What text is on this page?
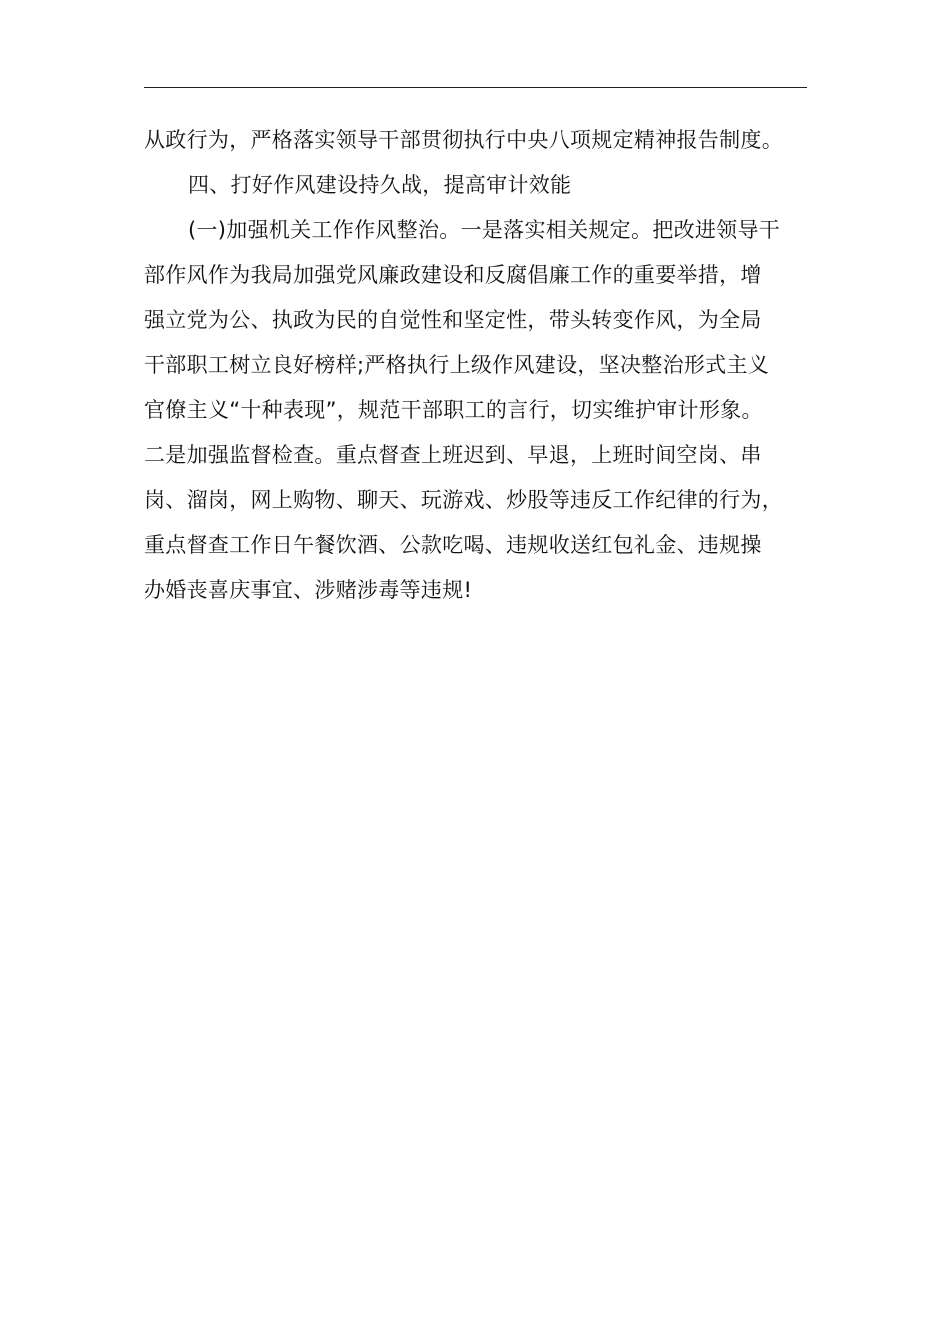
从政行为，严格落实领导干部贯彻执行中央八项规定精神报告制度。
四、打好作风建设持久战，提高审计效能
(一)加强机关工作作风整治。一是落实相关规定。把改进领导干
部作风作为我局加强党风廉政建设和反腐倡廉工作的重要举措，增
强立党为公、执政为民的自觉性和坚定性，带头转变作风，为全局
干部职工树立良好榜样;严格执行上级作风建设，坚决整治形式主义
官僚主义“十种表现”，规范干部职工的言行，切实维护审计形象。
二是加强监督检查。重点督查上班迟到、早退，上班时间空岗、串
岗、溜岗，网上购物、聊天、玩游戏、炒股等违反工作纪律的行为，
重点督查工作日午餐饮酒、公款吃喝、违规收送红包礼金、违规操
办婚丧喜庆事宜、涉赌涉毒等违规!
